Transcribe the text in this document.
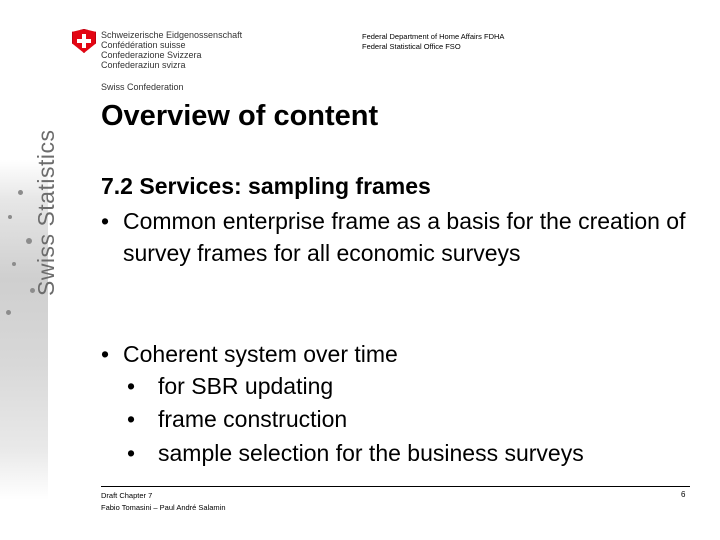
Schweizerische Eidgenossenschaft
Confédération suisse
Confederazione Svizzera
Confederaziun svizra
Swiss Confederation
Federal Department of Home Affairs FDHA
Federal Statistical Office FSO
Swiss Statistics
Overview of content
7.2 Services: sampling frames
• Common enterprise frame as a basis for the creation of survey frames for all economic surveys
• Coherent system over time
• for SBR updating
• frame construction
• sample selection for the business surveys
Draft Chapter 7
Fabio Tomasini – Paul André Salamin
6
